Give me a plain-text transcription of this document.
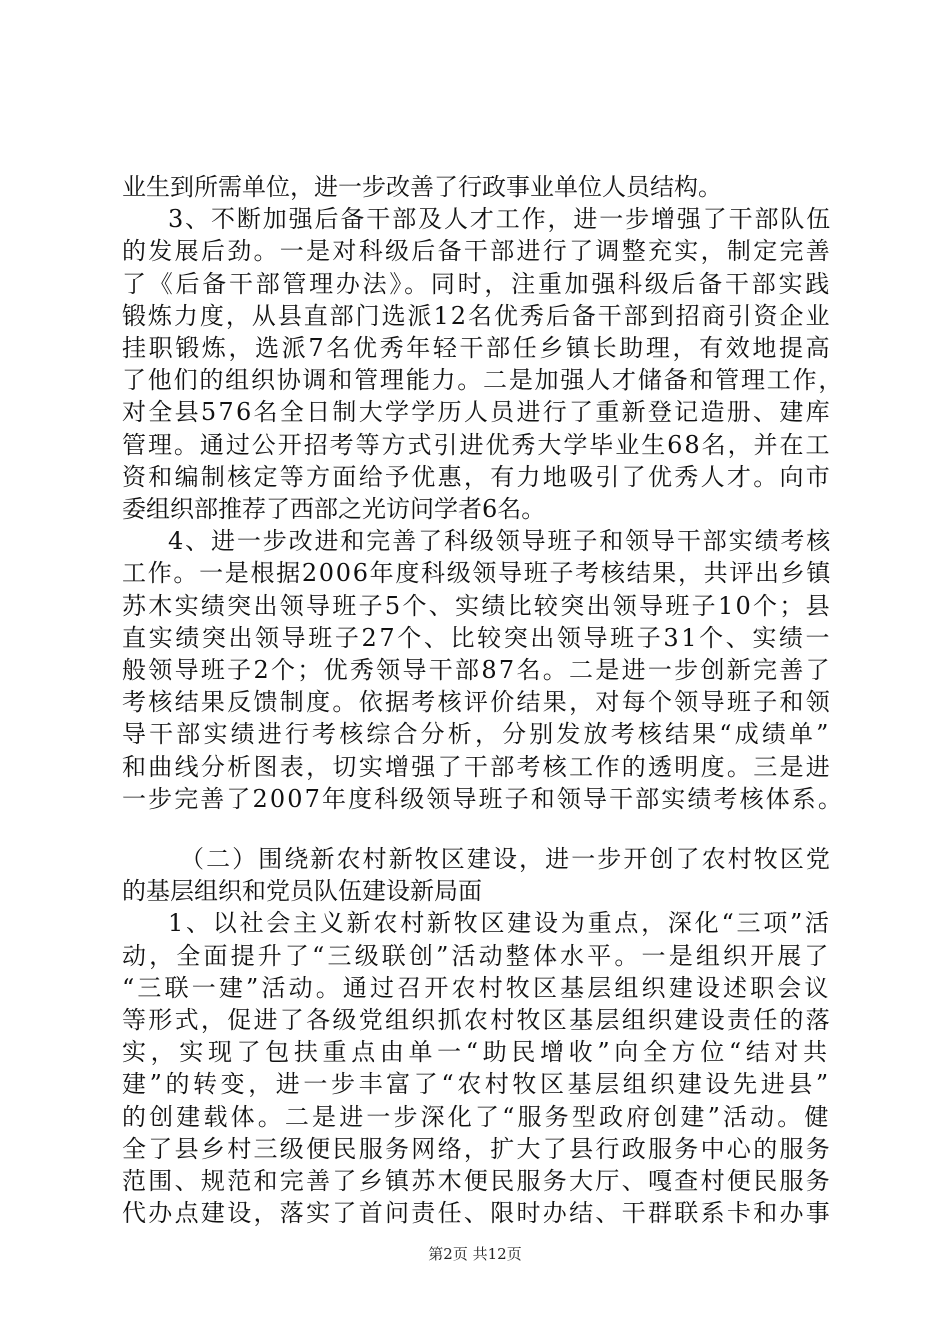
业生到所需单位，进一步改善了行政事业单位人员结构。
3、不断加强后备干部及人才工作，进一步增强了干部队伍
的发展后劲。一是对科级后备干部进行了调整充实，制定完善
了《后备干部管理办法》。同时，注重加强科级后备干部实践
锻炼力度，从县直部门选派12名优秀后备干部到招商引资企业
挂职锻炼，选派7名优秀年轻干部任乡镇长助理，有效地提高
了他们的组织协调和管理能力。二是加强人才储备和管理工作，
对全县576名全日制大学学历人员进行了重新登记造册、建库
管理。通过公开招考等方式引进优秀大学毕业生68名，并在工
资和编制核定等方面给予优惠，有力地吸引了优秀人才。向市
委组织部推荐了西部之光访问学者6名。
4、进一步改进和完善了科级领导班子和领导干部实绩考核
工作。一是根据2006年度科级领导班子考核结果，共评出乡镇
苏木实绩突出领导班子5个、实绩比较突出领导班子10个；县
直实绩突出领导班子27个、比较突出领导班子31个、实绩一
般领导班子2个；优秀领导干部87名。二是进一步创新完善了
考核结果反馈制度。依据考核评价结果，对每个领导班子和领
导干部实绩进行考核综合分析，分别发放考核结果“成绩单”
和曲线分析图表，切实增强了干部考核工作的透明度。三是进
一步完善了2007年度科级领导班子和领导干部实绩考核体系。
（二）围绕新农村新牧区建设，进一步开创了农村牧区党
的基层组织和党员队伍建设新局面
1、以社会主义新农村新牧区建设为重点，深化“三项”活
动，全面提升了“三级联创”活动整体水平。一是组织开展了
“三联一建”活动。通过召开农村牧区基层组织建设述职会议
等形式，促进了各级党组织抓农村牧区基层组织建设责任的落
实，实现了包扶重点由单一“助民增收”向全方位“结对共
建”的转变，进一步丰富了“农村牧区基层组织建设先进县”
的创建载体。二是进一步深化了“服务型政府创建”活动。健
全了县乡村三级便民服务网络，扩大了县行政服务中心的服务
范围、规范和完善了乡镇苏木便民服务大厅、嘎查村便民服务
代办点建设，落实了首问责任、限时办结、干群联系卡和办事
第2页 共12页
